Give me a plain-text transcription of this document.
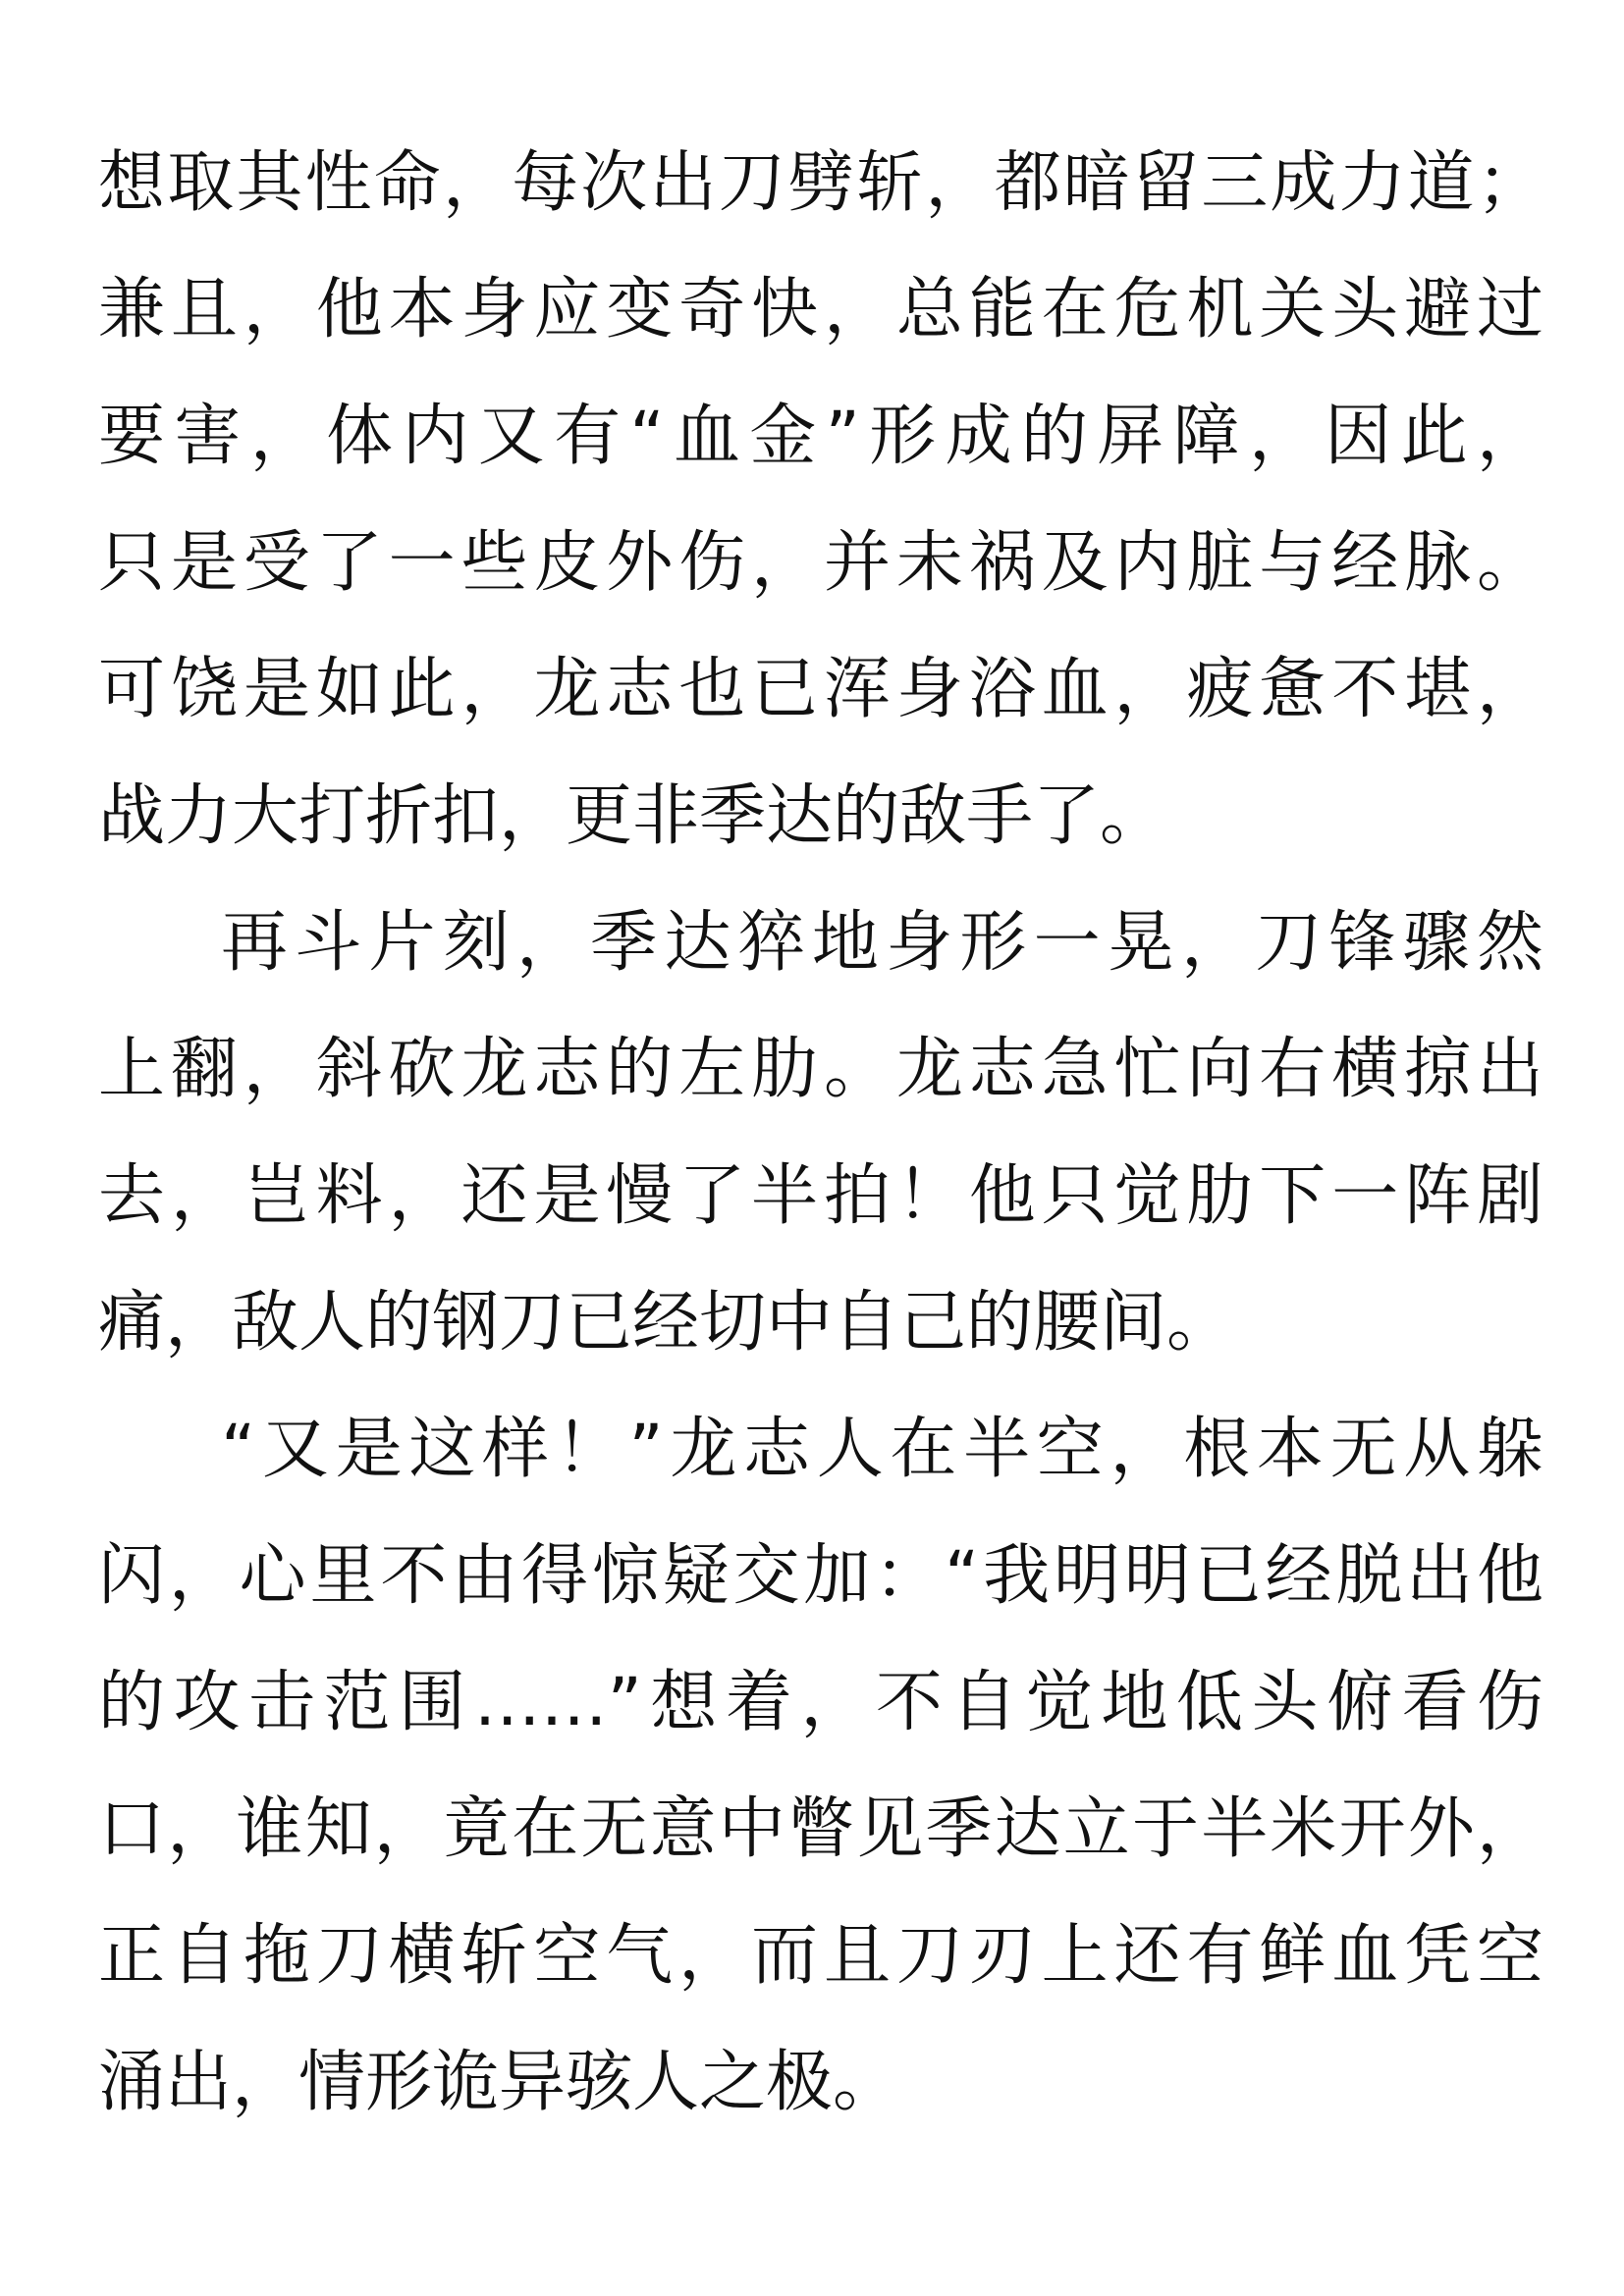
想取其性命，每次出刀劈斩，都暗留三成力道；
兼且，他本身应变奇快，总能在危机关头避过
要害，体内又有“血金”形成的屏障，因此，
只是受了一些皮外伤，并未祸及内脏与经脉。
可饶是如此，龙志也已浑身浴血，疲惫不堪，
战力大打折扣，更非季达的敌手了。
再斗片刻，季达猝地身形一晃，刀锋骤然
上翻，斜砍龙志的左肋。龙志急忙向右横掠出
去，岂料，还是慢了半拍！他只觉肋下一阵剧
痛，敌人的钢刀已经切中自己的腰间。
“又是这样！”龙志人在半空，根本无从躲
闪，心里不由得惊疑交加：“我明明已经脱出他
的攻击范围……”想着，不自觉地低头俯看伤
口，谁知，竟在无意中瞥见季达立于半米开外，
正自拖刀横斩空气，而且刀刃上还有鲜血凭空
涌出，情形诡异骇人之极。
